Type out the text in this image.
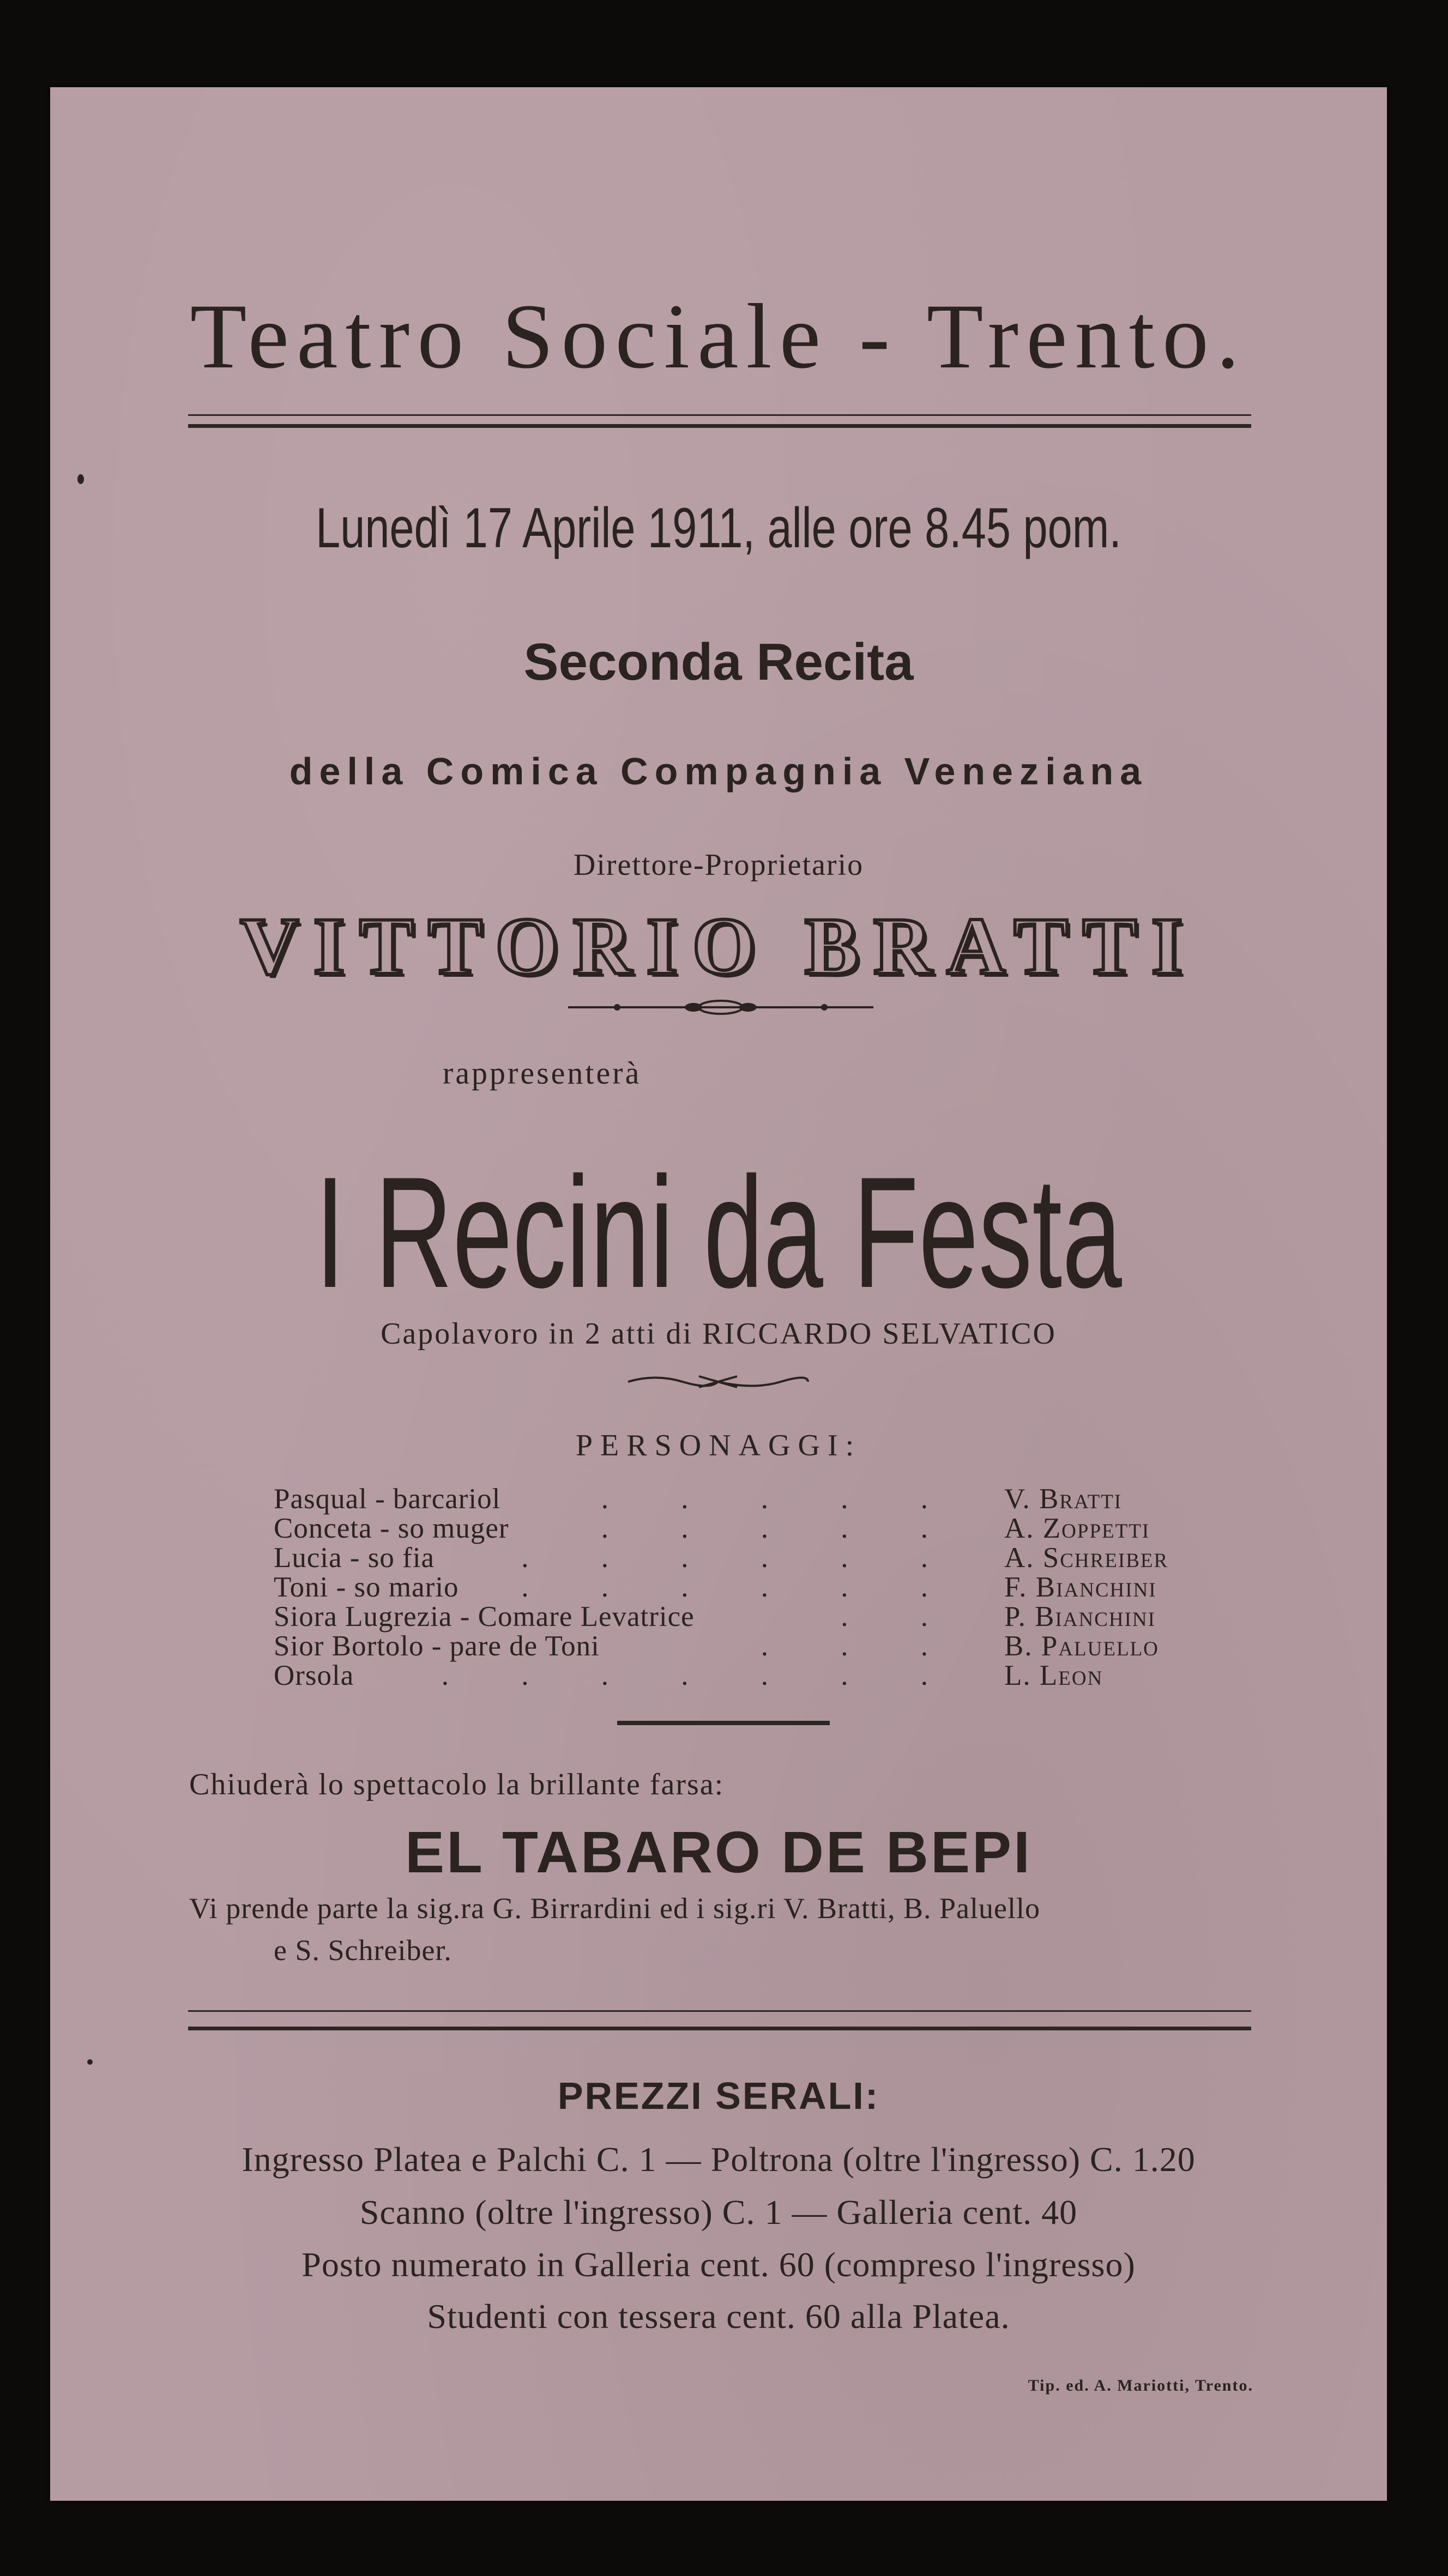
Teatro Sociale - Trento.
Lunedì 17 Aprile 1911, alle ore 8.45 pom.
Seconda Recita
della Comica Compagnia Veneziana
Direttore-Proprietario
VITTORIO BRATTI
rappresenterà
I Recini da Festa
Capolavoro in 2 atti di RICCARDO SELVATICO
PERSONAGGI:
. . . . .
Pasqual - barcariol	V. Bratti
. . . . .
Conceta - so muger	A. Zoppetti
. . . . . .
Lucia - so fia	A. Schreiber
. . . . . .
Toni - so mario	F. Bianchini
. .
Siora Lugrezia - Comare Levatrice	P. Bianchini
. . .
Sior Bortolo - pare de Toni	B. Paluello
. . . . . . .
Orsola	L. Leon
Chiuderà lo spettacolo la brillante farsa:
EL TABARO DE BEPI
Vi prende parte la sig.ra G. Birrardini ed i sig.ri V. Bratti, B. Paluello
e S. Schreiber.
PREZZI SERALI:
Ingresso Platea e Palchi C. 1 — Poltrona (oltre l'ingresso) C. 1.20
Scanno (oltre l'ingresso) C. 1 — Galleria cent. 40
Posto numerato in Galleria cent. 60 (compreso l'ingresso)
Studenti con tessera cent. 60 alla Platea.
Tip. ed. A. Mariotti, Trento.
